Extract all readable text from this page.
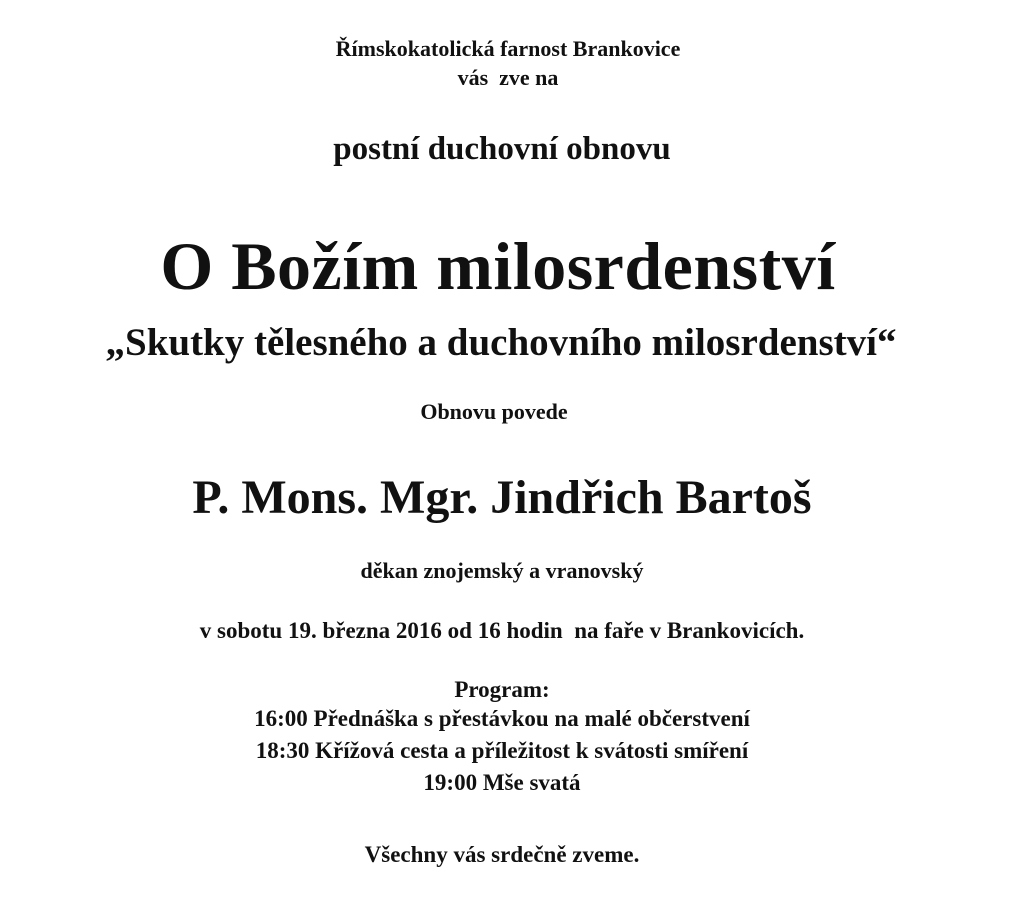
Římskokatolická farnost Brankovice
vás  zve na
postní duchovní obnovu
O Božím milosrdenství
„Skutky tělesného a duchovního milosrdenství“
Obnovu povede
P. Mons. Mgr. Jindřich Bartoš
děkan znojemský a vranovský
v sobotu 19. března 2016 od 16 hodin  na faře v Brankovicích.
Program:
16:00 Přednáška s přestávkou na malé občerstvení
18:30 Křížová cesta a příležitost k svátosti smíření
19:00 Mše svatá
Všechny vás srdečně zveme.
